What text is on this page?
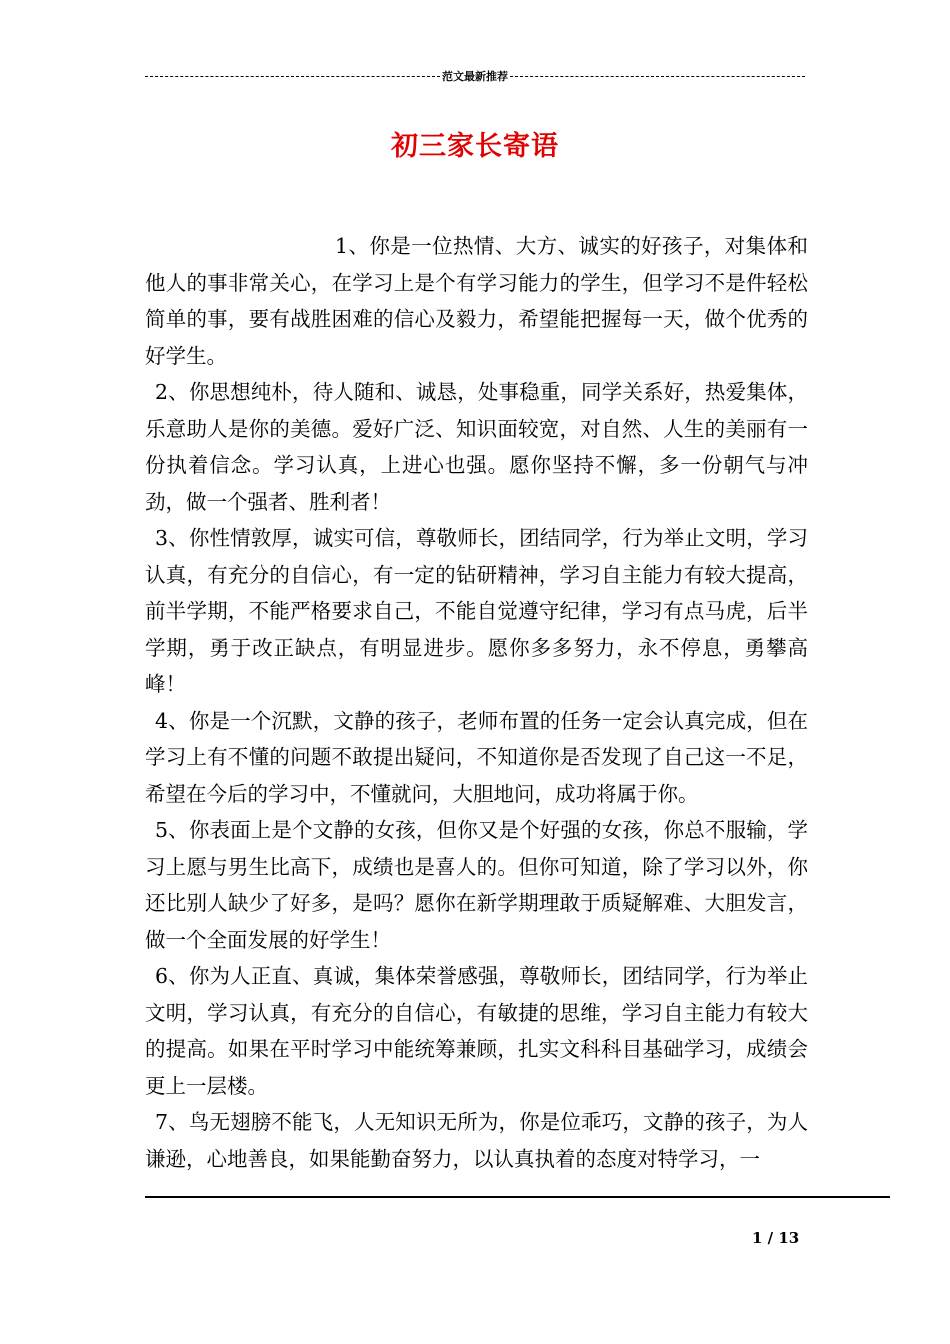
范文最新推荐
初三家长寄语

1、你是一位热情、大方、诚实的好孩子，对集体和他人的事非常关心，在学习上是个有学习能力的学生，但学习不是件轻松简单的事，要有战胜困难的信心及毅力，希望能把握每一天，做个优秀的好学生。

2、你思想纯朴，待人随和、诚恳，处事稳重，同学关系好，热爱集体，乐意助人是你的美德。爱好广泛、知识面较宽，对自然、人生的美丽有一份执着信念。学习认真，上进心也强。愿你坚持不懈，多一份朝气与冲劲，做一个强者、胜利者！

3、你性情敦厚，诚实可信，尊敬师长，团结同学，行为举止文明，学习认真，有充分的自信心，有一定的钻研精神，学习自主能力有较大提高，前半学期，不能严格要求自己，不能自觉遵守纪律，学习有点马虎，后半学期，勇于改正缺点，有明显进步。愿你多多努力，永不停息，勇攀高峰！

4、你是一个沉默，文静的孩子，老师布置的任务一定会认真完成，但在学习上有不懂的问题不敢提出疑问，不知道你是否发现了自己这一不足，希望在今后的学习中，不懂就问，大胆地问，成功将属于你。

5、你表面上是个文静的女孩，但你又是个好强的女孩，你总不服输，学习上愿与男生比高下，成绩也是喜人的。但你可知道，除了学习以外，你还比别人缺少了好多，是吗？愿你在新学期理敢于质疑解难、大胆发言，做一个全面发展的好学生！

6、你为人正直、真诚，集体荣誉感强，尊敬师长，团结同学，行为举止文明，学习认真，有充分的自信心，有敏捷的思维，学习自主能力有较大的提高。如果在平时学习中能统筹兼顾，扎实文科科目基础学习，成绩会更上一层楼。

7、鸟无翅膀不能飞，人无知识无所为，你是位乖巧，文静的孩子，为人谦逊，心地善良，如果能勤奋努力，以认真执着的态度对特学习，一

1 / 13
